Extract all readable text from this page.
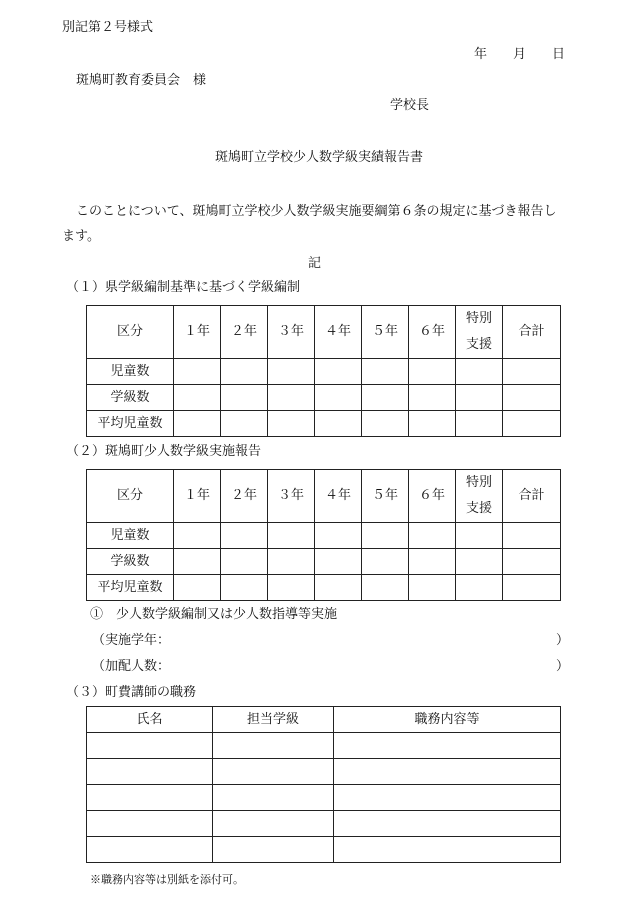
別記第２号様式
年　　月　　日
斑鳩町教育委員会　様
学校長
斑鳩町立学校少人数学級実績報告書
このことについて、斑鳩町立学校少人数学級実施要綱第６条の規定に基づき報告し
ます。
記
（１）県学級編制基準に基づく学級編制
区分	１年	２年	３年	４年	５年	６年	特別支援	合計
児童数								
学級数								
平均児童数								
（２）斑鳩町少人数学級実施報告
区分	１年	２年	３年	４年	５年	６年	特別支援	合計
児童数								
学級数								
平均児童数								
①　少人数学級編制又は少人数指導等実施
（実施学年：	）
（加配人数：	）
（３）町費講師の職務
氏名	担当学級	職務内容等

※職務内容等は別紙を添付可。
